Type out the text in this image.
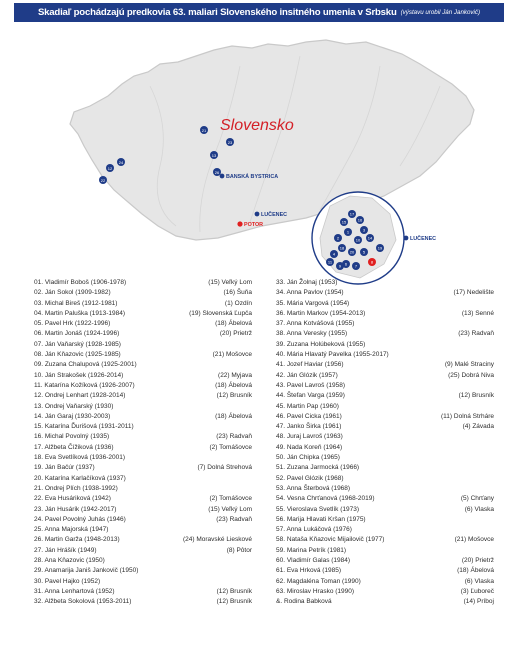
Skadiaľ pochádzajú predkovia 63. maliari Slovenského insitného umenia v Srbsku (výstavu urobil Ján Jankovič)
Slovensko
21
23
13
26
12
24
22
BANSKÁ BYSTRICA
LUČENEC
POTOR
LUČENEC
17
16
15
3
1
2	10 14
18
20
4	5
6 7
8
9
11
19
01. Vladimír Boboš (1906-1978)	(15) Veľký Lom
02. Ján Sokol (1909-1982)	(16) Šuňa
03. Michal Bireš (1912-1981)	(1) Ozdín
04. Martin Paluška (1913-1984)	(19) Slovenská Ľupča
05. Pavel Hrk (1922-1996)	(18) Ábelová
06. Martin Jonáš (1924-1996)	(20) Prietrž
07. Ján Vaňarský (1928-1985)
08. Ján Kňazovic (1925-1985)	(21) Mošovce
09. Zuzana Chalupová (1925-2001)
10. Ján Strakošek (1926-2014)	(22) Myjava
11. Katarína Kožíková (1926-2007)	(18) Ábelová
12. Ondrej Lenhart (1928-2014)	(12) Brusník
13. Ondrej Vaňarský (1930)
14. Ján Garaj (1930-2003)	(18) Ábelová
15. Katarína Ďurišová (1931-2011)
16. Michal Povolný (1935)	(23) Radvaň
17. Alžbeta Čížiková (1936)	(2) Tomášovce
18. Eva Svetlíková (1936-2001)
19. Ján Bačúr (1937)	(7) Dolná Strehová
20. Katarína Karlačíková (1937)
21. Ondrej Plích (1938-1992)
22. Eva Husáriková (1942)	(2) Tomášovce
23. Ján Husárik (1942-2017)	(15) Veľký Lom
24. Pavel Povolný Juhás (1946)	(23) Radvaň
25. Anna Majorská (1947)
26. Martin Garža (1948-2013)	(24) Moravské Lieskové
27. Ján Hrášík (1949)	(8) Pôtor
28. Ana Kňazovic (1950)
29. Anamarija Janiš Jankovič (1950)
30. Pavel Hajko (1952)
31. Anna Lenhartová (1952)	(12) Brusník
32. Alžbeta Sokolová (1953-2011)	(12) Brusník
33. Ján Žolnaj (1953)
34. Anna Pavlov (1954)	(17) Nedelište
35. Mária Vargová (1954)
36. Martin Markov (1954-2013)	(13) Senné
37. Anna Kotvášová (1955)
38. Anna Veresky (1955)	(23) Radvaň
39. Zuzana Holúbeková (1955)
40. Mária Hlavatý Pavelka (1955-2017)
41. Jozef Haviar (1956)	(9) Malé Straciny
42. Ján Glózik (1957)	(25) Dobrá Niva
43. Pavel Lavroš (1958)
44. Štefan Varga (1959)	(12) Brusník
45. Martin Pap (1960)
46. Pavel Cicka (1961)	(11) Dolná Strháre
47. Janko Širka (1961)	(4) Závada
48. Juraj Lavroš (1963)
49. Nada Koreň (1964)
50. Ján Chipka (1965)
51. Zuzana Jarmocká (1966)
52. Pavel Glózik (1968)
53. Anna Šterbová (1968)
54. Vesna Chrťanová (1968-2019)	(5) Chrťany
55. Vieroslava Svetlík (1973)	(6) Vlaska
56. Marija Hlavati Kršan (1975)
57. Anna Lukáčová (1976)
58. Nataša Kňazovic Mijailovič (1977)	(21) Mošovce
59. Marina Petrík (1981)
60. Vladimír Galas (1984)	(20) Prietrž
61. Eva Hrková (1985)	(18) Ábelová
62. Magdaléna Toman (1990)	(6) Vlaska
63. Miroslav Hrasko (1990)	(3) Ľuboreč
&. Rodina Babková	(14) Príboj
